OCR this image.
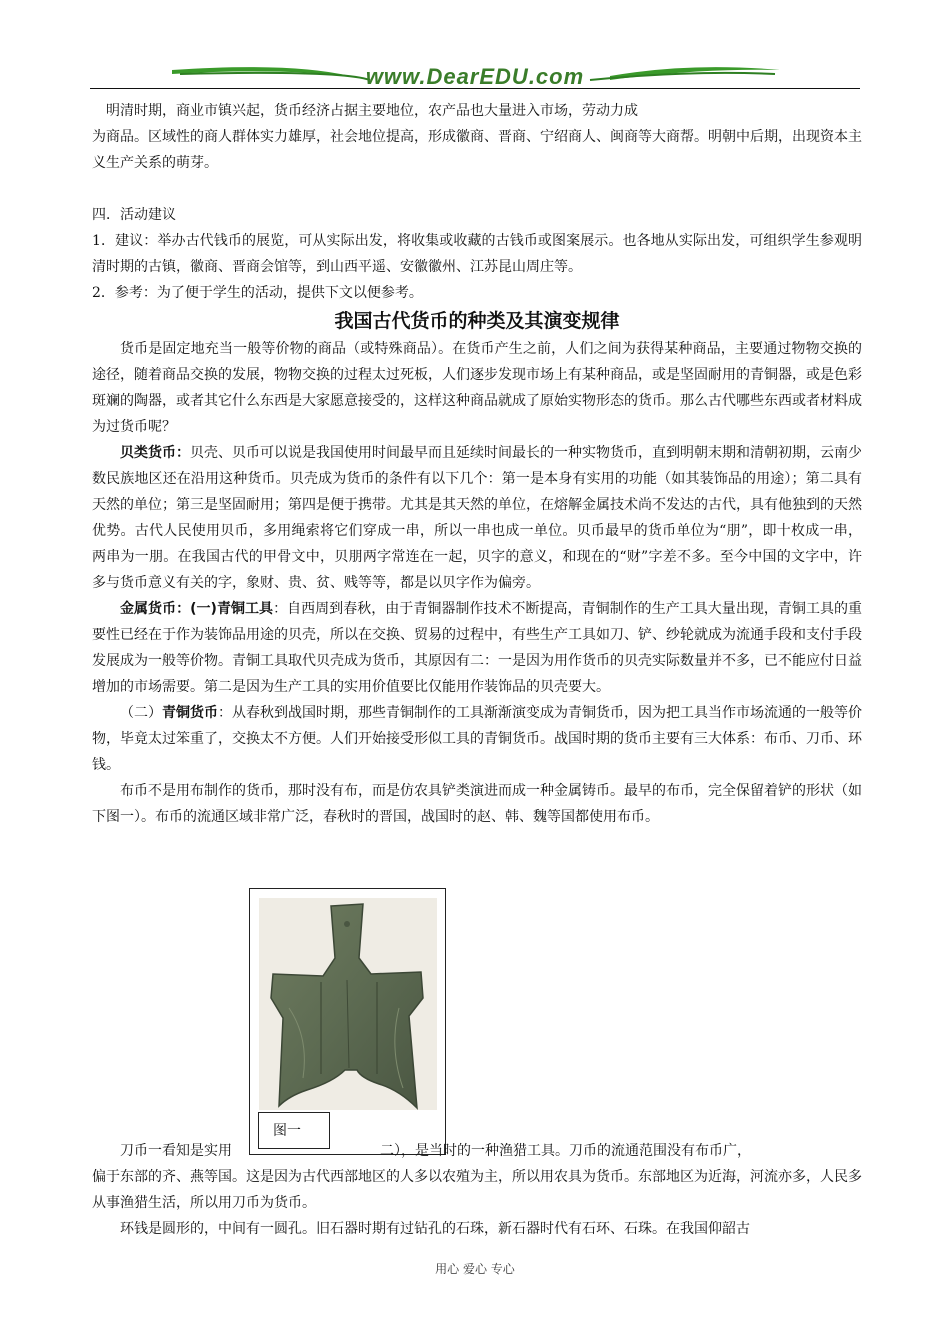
www.DearEDU.com

明清时期，商业市镇兴起，货币经济占据主要地位，农产品也大量进入市场，劳动力成

为商品。区域性的商人群体实力雄厚，社会地位提高，形成徽商、晋商、宁绍商人、闽商等大商帮。明朝中后期，出现资本主义生产关系的萌芽。

四．活动建议

1．建议：举办古代钱币的展览，可从实际出发，将收集或收藏的古钱币或图案展示。也各地从实际出发，可组织学生参观明清时期的古镇，徽商、晋商会馆等，到山西平遥、安徽徽州、江苏昆山周庄等。

2．参考：为了便于学生的活动，提供下文以便参考。

我国古代货币的种类及其演变规律

货币是固定地充当一般等价物的商品（或特殊商品）。在货币产生之前，人们之间为获得某种商品，主要通过物物交换的途径，随着商品交换的发展，物物交换的过程太过死板，人们逐步发现市场上有某种商品，或是坚固耐用的青铜器，或是色彩斑斓的陶器，或者其它什么东西是大家愿意接受的，这样这种商品就成了原始实物形态的货币。那么古代哪些东西或者材料成为过货币呢？

贝类货币：贝壳、贝币可以说是我国使用时间最早而且延续时间最长的一种实物货币，直到明朝末期和清朝初期，云南少数民族地区还在沿用这种货币。贝壳成为货币的条件有以下几个：第一是本身有实用的功能（如其装饰品的用途）；第二具有天然的单位；第三是坚固耐用；第四是便于携带。尤其是其天然的单位，在熔解金属技术尚不发达的古代，具有他独到的天然优势。古代人民使用贝币，多用绳索将它们穿成一串，所以一串也成一单位。贝币最早的货币单位为“朋”，即十枚成一串，两串为一朋。在我国古代的甲骨文中，贝朋两字常连在一起，贝字的意义，和现在的“财”字差不多。至今中国的文字中，许多与货币意义有关的字，象财、贵、贫、贱等等，都是以贝字作为偏旁。

金属货币：(一)青铜工具：自西周到春秋，由于青铜器制作技术不断提高，青铜制作的生产工具大量出现，青铜工具的重要性已经在于作为装饰品用途的贝壳，所以在交换、贸易的过程中，有些生产工具如刀、铲、纱轮就成为流通手段和支付手段发展成为一般等价物。青铜工具取代贝壳成为货币，其原因有二：一是因为用作货币的贝壳实际数量并不多，已不能应付日益增加的市场需要。第二是因为生产工具的实用价值要比仅能用作装饰品的贝壳要大。

（二）青铜货币：从春秋到战国时期，那些青铜制作的工具渐渐演变成为青铜货币，因为把工具当作市场流通的一般等价物，毕竟太过笨重了，交换太不方便。人们开始接受形似工具的青铜货币。战国时期的货币主要有三大体系：布币、刀币、环钱。

布币不是用布制作的货币，那时没有布，而是仿农具铲类演进而成一种金属铸币。最早的布币，完全保留着铲的形状（如下图一）。布币的流通区域非常广泛，春秋时的晋国，战国时的赵、韩、魏等国都使用布币。

图一

刀币一看知是实用	二），是当时的一种渔猎工具。刀币的流通范围没有布币广，

偏于东部的齐、燕等国。这是因为古代西部地区的人多以农殖为主，所以用农具为货币。东部地区为近海，河流亦多，人民多从事渔猎生活，所以用刀币为货币。

环钱是圆形的，中间有一圆孔。旧石器时期有过钻孔的石珠，新石器时代有石环、石珠。在我国仰韶古

用心 爱心 专心
